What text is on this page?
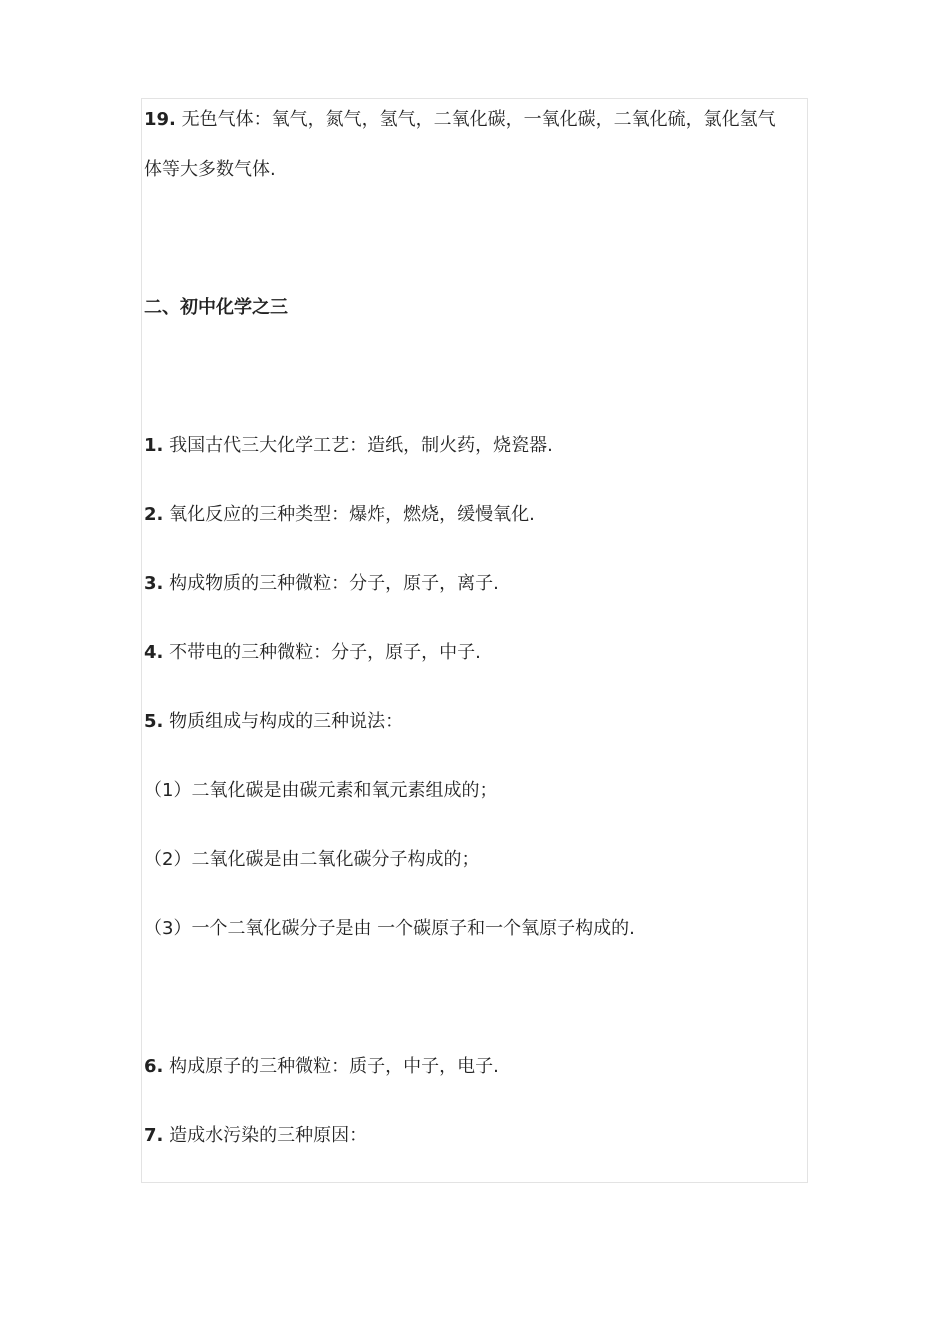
19. 无色气体：氧气，氮气，氢气，二氧化碳，一氧化碳，二氧化硫，氯化氢气
体等大多数气体.
二、初中化学之三
1. 我国古代三大化学工艺：造纸，制火药，烧瓷器.
2. 氧化反应的三种类型：爆炸，燃烧，缓慢氧化.
3. 构成物质的三种微粒：分子，原子，离子.
4. 不带电的三种微粒：分子，原子，中子.
5. 物质组成与构成的三种说法：
（1）二氧化碳是由碳元素和氧元素组成的；
（2）二氧化碳是由二氧化碳分子构成的；
（3）一个二氧化碳分子是由 一个碳原子和一个氧原子构成的.
6. 构成原子的三种微粒：质子，中子，电子.
7. 造成水污染的三种原因：
